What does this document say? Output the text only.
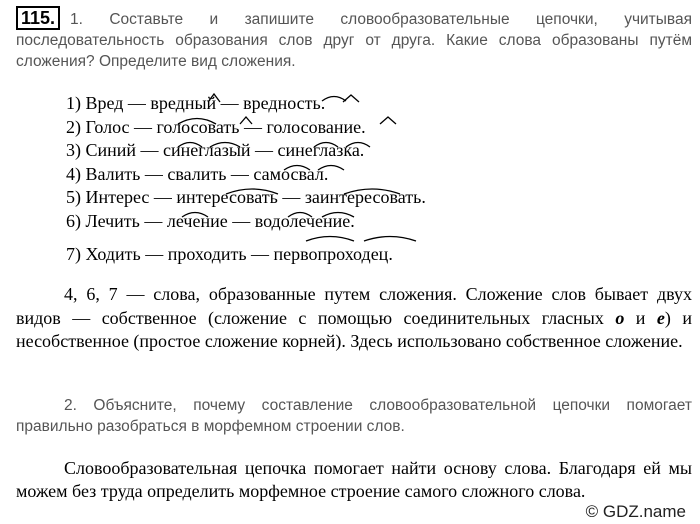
115. 1. Составьте и запишите словообразовательные цепочки, учитывая последовательность образования слов друг от друга. Какие слова образованы путём сложения? Определите вид сложения.
1) Вред — вредный — вредность.
2) Голос — голосовать — голосование.
3) Синий — синеглазый — синеглазка.
4) Валить — свалить — самосвал.
5) Интерес — интересовать — заинтересовать.
6) Лечить — лечение — водолечение.
7) Ходить — проходить — первопроходец.
4, 6, 7 — слова, образованные путем сложения. Сложение слов бывает двух видов — собственное (сложение с помощью соединительных гласных о и е) и несобственное (простое сложение корней). Здесь использовано собственное сложение.
2. Объясните, почему составление словообразовательной цепочки помогает правильно разобраться в морфемном строении слов.
Словообразовательная цепочка помогает найти основу слова. Благодаря ей мы можем без труда определить морфемное строение самого сложного слова.
© GDZ.name
